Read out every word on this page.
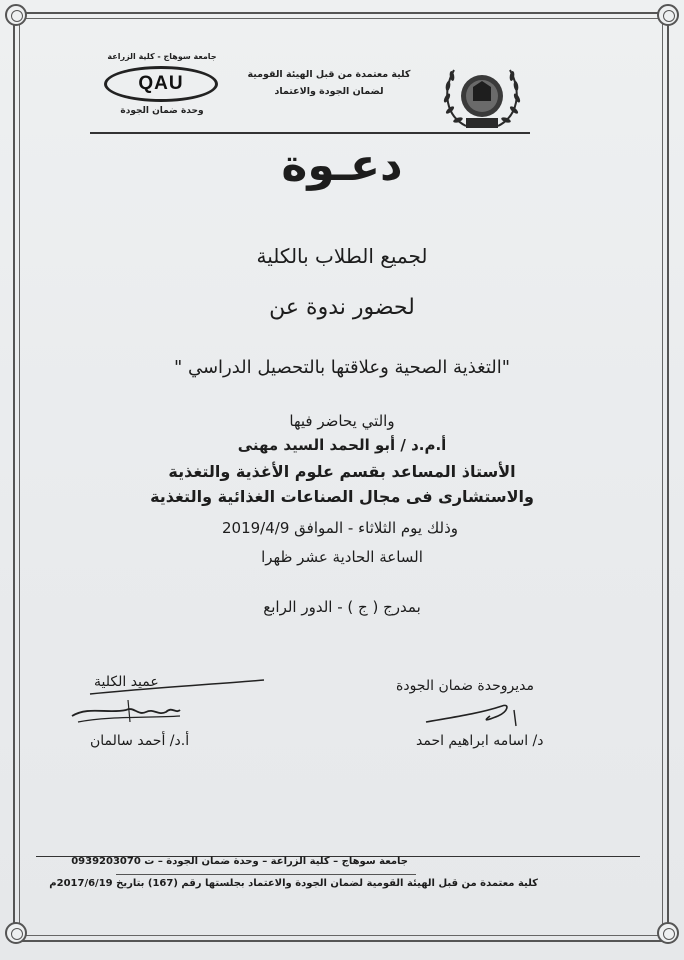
جامعة سوهاج - كلية الزراعة
QAU
وحدة ضمان الجودة
كلية معتمدة من قبل الهيئة القومية
لضمان الجودة والاعتماد
دعـوة
لجميع الطلاب بالكلية
لحضور ندوة عن
"التغذية الصحية وعلاقتها بالتحصيل الدراسي "
والتي يحاضر فيها
أ.م.د / أبو الحمد السيد مهنى
الأستاذ المساعد بقسم علوم الأغذية والتغذية
والاستشارى فى مجال الصناعات الغذائية والتغذية
وذلك يوم الثلاثاء - الموافق 2019/4/9
الساعة الحادية عشر ظهرا
بمدرج ( ج ) - الدور الرابع
مديروحدة ضمان الجودة
د/ اسامه ابراهيم احمد
عميد الكلية
أ.د/ أحمد سالمان
جامعة سوهاج – كلية الزراعة – وحدة ضمان الجودة – ت 0939203070
كلية معتمدة من قبل الهيئة القومية لضمان الجودة والاعتماد بجلستها رقم (167) بتاريخ 2017/6/19م
